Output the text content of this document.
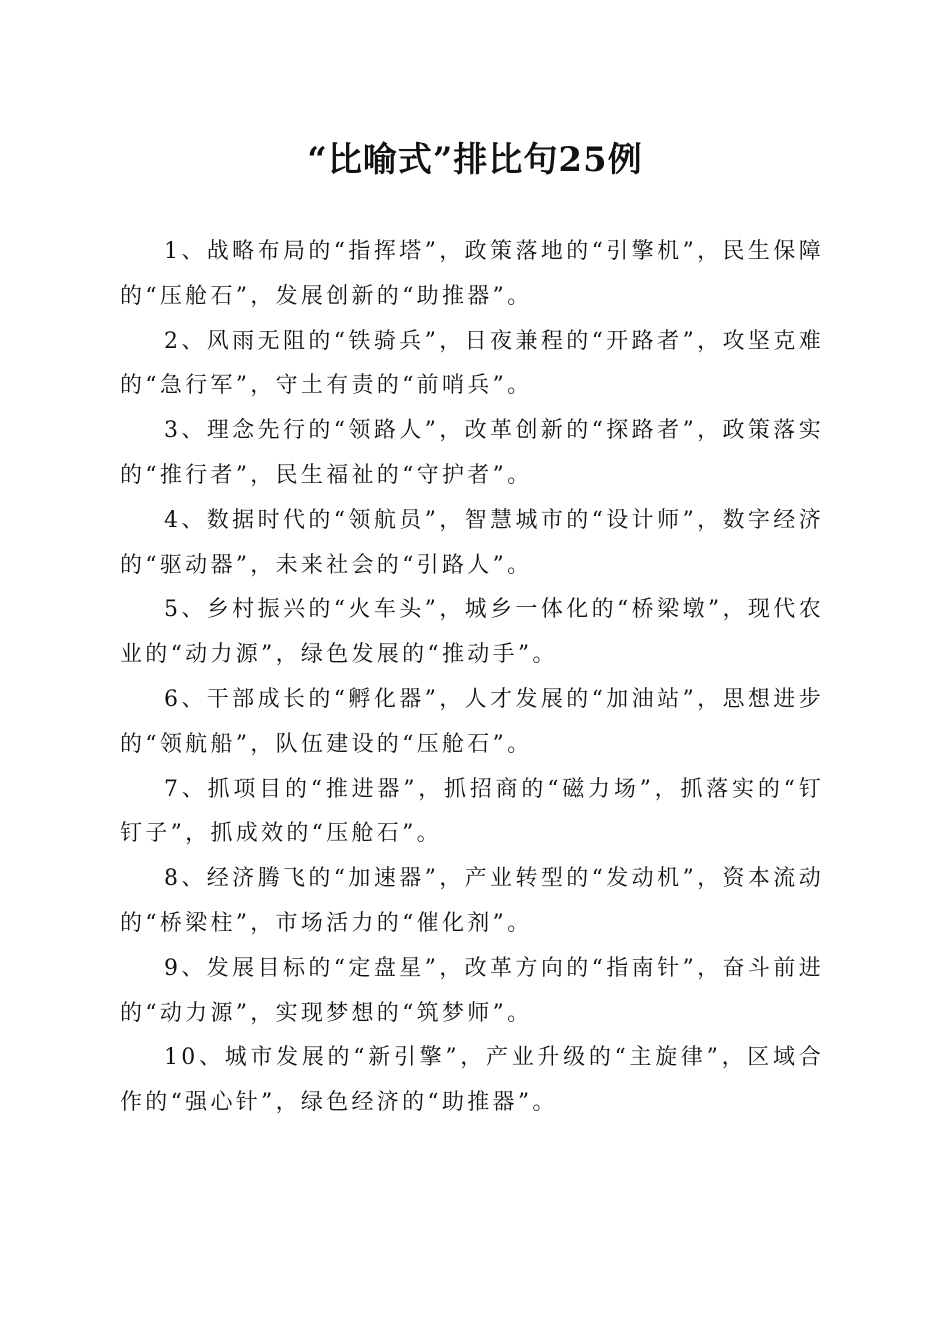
“比喻式”排比句25例

1、战略布局的“指挥塔”，政策落地的“引擎机”，民生保障的“压舱石”，发展创新的“助推器”。

2、风雨无阻的“铁骑兵”，日夜兼程的“开路者”，攻坚克难的“急行军”，守土有责的“前哨兵”。

3、理念先行的“领路人”，改革创新的“探路者”，政策落实的“推行者”，民生福祉的“守护者”。

4、数据时代的“领航员”，智慧城市的“设计师”，数字经济的“驱动器”，未来社会的“引路人”。

5、乡村振兴的“火车头”，城乡一体化的“桥梁墩”，现代农业的“动力源”，绿色发展的“推动手”。

6、干部成长的“孵化器”，人才发展的“加油站”，思想进步的“领航船”，队伍建设的“压舱石”。

7、抓项目的“推进器”，抓招商的“磁力场”，抓落实的“钉钉子”，抓成效的“压舱石”。

8、经济腾飞的“加速器”，产业转型的“发动机”，资本流动的“桥梁柱”，市场活力的“催化剂”。

9、发展目标的“定盘星”，改革方向的“指南针”，奋斗前进的“动力源”，实现梦想的“筑梦师”。

10、城市发展的“新引擎”，产业升级的“主旋律”，区域合作的“强心针”，绿色经济的“助推器”。
